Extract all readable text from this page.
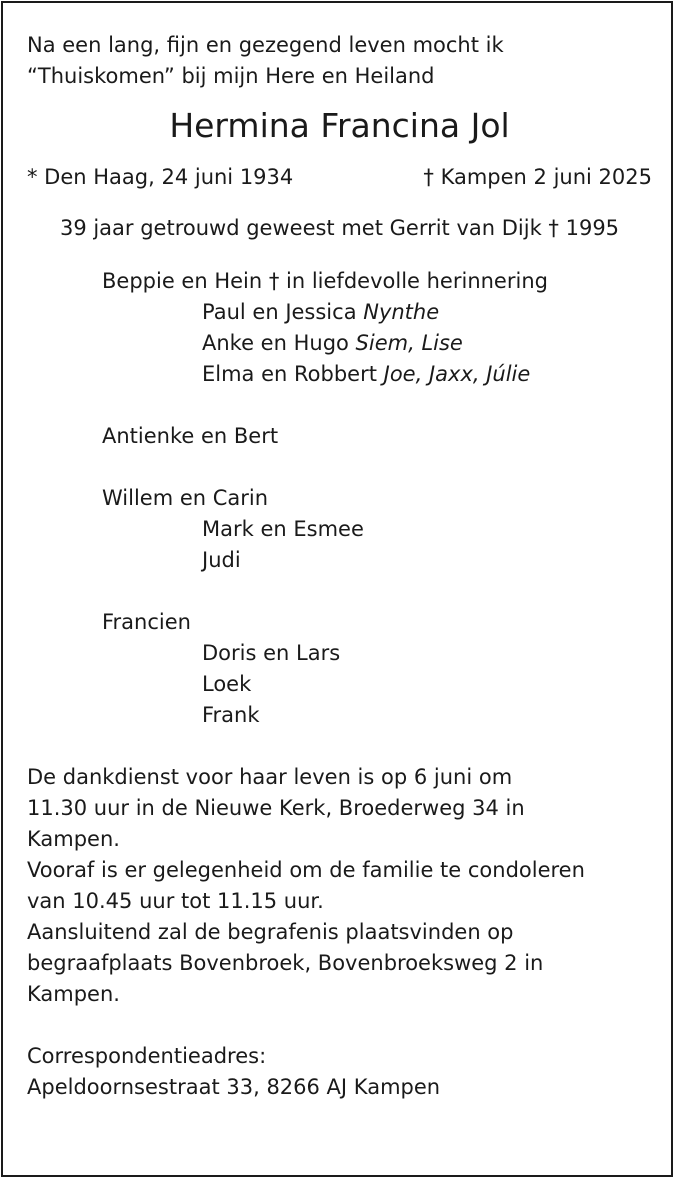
Na een lang, fijn en gezegend leven mocht ik
“Thuiskomen” bij mijn Here en Heiland
Hermina Francina Jol
* Den Haag, 24 juni 1934	† Kampen 2 juni 2025
39 jaar getrouwd geweest met Gerrit van Dijk † 1995
Beppie en Hein † in liefdevolle herinnering
Paul en Jessica Nynthe
Anke en Hugo Siem, Lise
Elma en Robbert Joe, Jaxx, Júlie
Antienke en Bert
Willem en Carin
Mark en Esmee
Judi
Francien
Doris en Lars
Loek
Frank
De dankdienst voor haar leven is op 6 juni om
11.30 uur in de Nieuwe Kerk, Broederweg 34 in
Kampen.
Vooraf is er gelegenheid om de familie te condoleren
van 10.45 uur tot 11.15 uur.
Aansluitend zal de begrafenis plaatsvinden op
begraafplaats Bovenbroek, Bovenbroeksweg 2 in
Kampen.
Correspondentieadres:
Apeldoornsestraat 33, 8266 AJ Kampen
